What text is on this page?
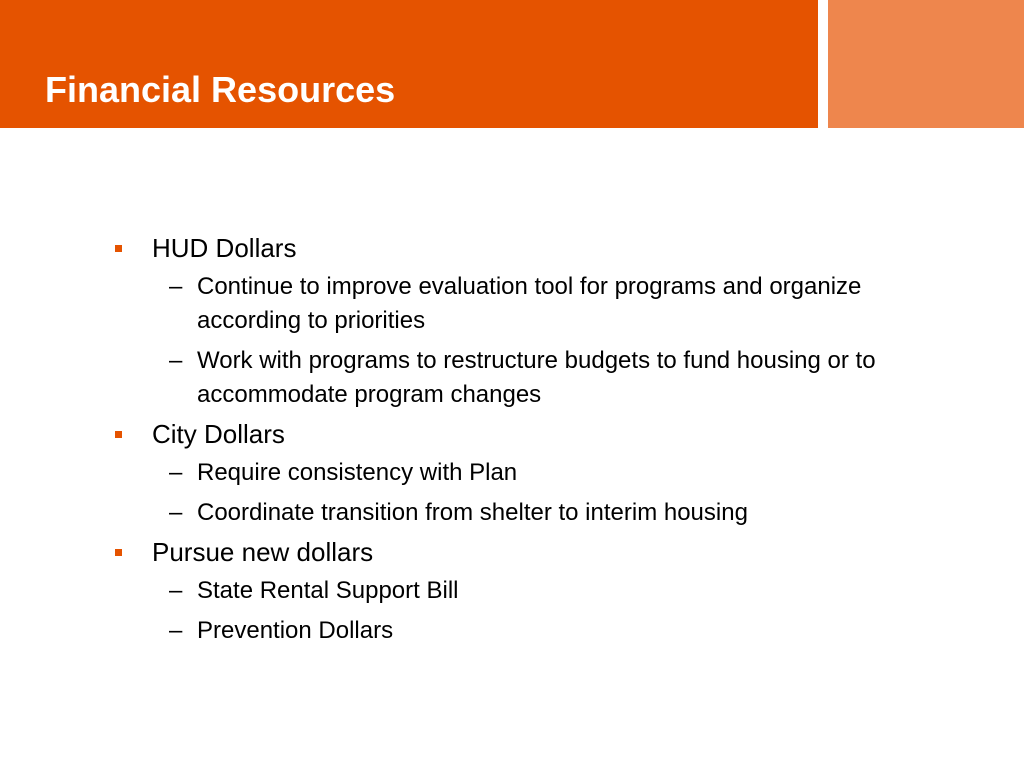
Financial Resources
HUD Dollars
– Continue to improve evaluation tool for programs and organize according to priorities
– Work with programs to restructure budgets to fund housing or to accommodate program changes
City Dollars
– Require consistency with Plan
– Coordinate transition from shelter to interim housing
Pursue new dollars
– State Rental Support Bill
– Prevention Dollars
